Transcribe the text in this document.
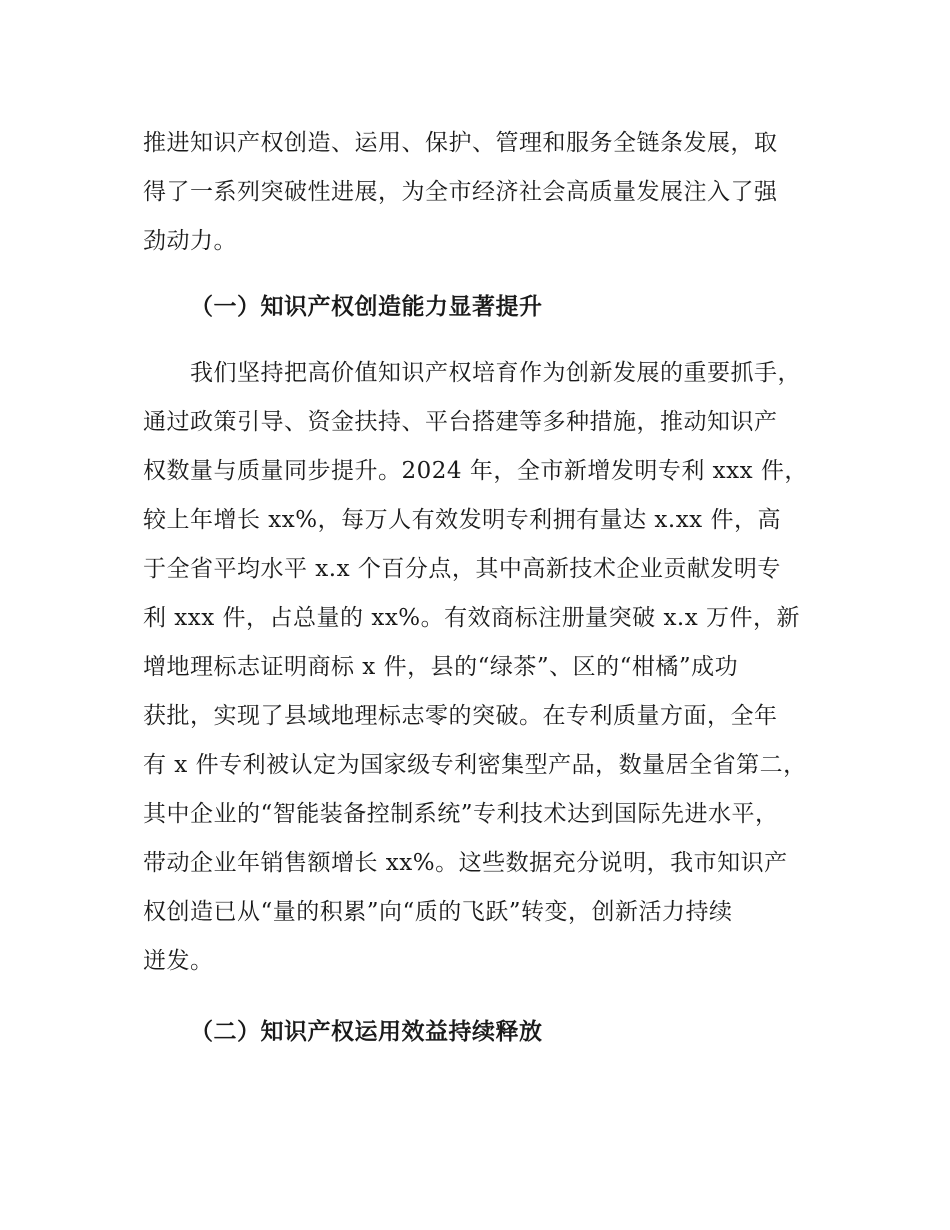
推进知识产权创造、运用、保护、管理和服务全链条发展，取
得了一系列突破性进展，为全市经济社会高质量发展注入了强
劲动力。
（一）知识产权创造能力显著提升
我们坚持把高价值知识产权培育作为创新发展的重要抓手，
通过政策引导、资金扶持、平台搭建等多种措施，推动知识产
权数量与质量同步提升。2024 年，全市新增发明专利 xxx 件，
较上年增长 xx%，每万人有效发明专利拥有量达 x.xx 件，高
于全省平均水平 x.x 个百分点，其中高新技术企业贡献发明专
利 xxx 件，占总量的 xx%。有效商标注册量突破 x.x 万件，新
增地理标志证明商标 x 件，县的“绿茶”、区的“柑橘”成功
获批，实现了县域地理标志零的突破。在专利质量方面，全年
有 x 件专利被认定为国家级专利密集型产品，数量居全省第二，
其中企业的“智能装备控制系统”专利技术达到国际先进水平，
带动企业年销售额增长 xx%。这些数据充分说明，我市知识产
权创造已从“量的积累”向“质的飞跃”转变，创新活力持续
迸发。
（二）知识产权运用效益持续释放
